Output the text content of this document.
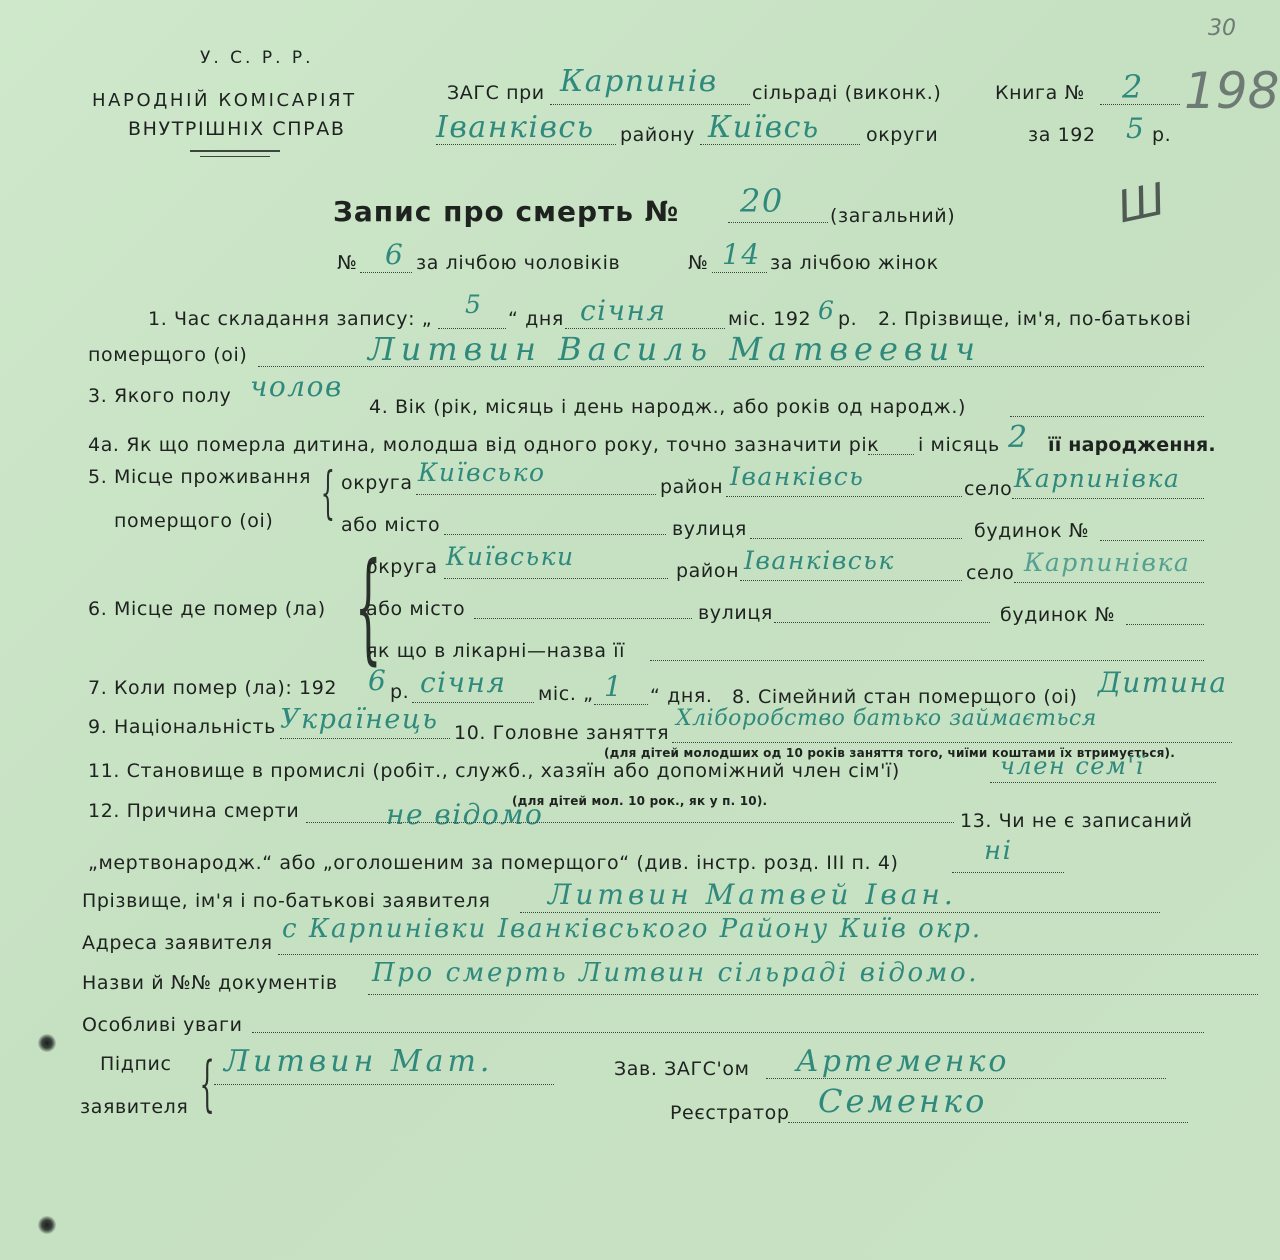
У. С. Р. Р.
НАРОДНІЙ КОМІСАРІЯТ
ВНУТРІШНІХ СПРАВ
ЗАГС при Карпинів сільраді (виконк.)
Іванківсь району Київсь округи
Книга № 2
за 192 5 р.
30
198
Ш
Запис про смерть № 20 (загальний)
№ 6 за лічбою чоловіків	№ 14 за лічбою жінок
1. Час складання запису: „ 5 “ дня січня	міс. 192 6 р. 2. Прізвище, ім'я, по-батькові
померщого (оі)	Литвин Василь Матвеевич
3. Якого полу чолов
4. Вік (рік, місяць і день народж., або років од народж.)
4а. Як що померла дитина, молодша від одного року, точно зазначити рік і місяць 2 її народження.
5. Місце проживання
померщого (оі) { округа Київсько	район Іванківсь	село Карпинівка
або місто	вулиця	будинок №
6. Місце де помер (ла) {
округа Київськи	район Іванківськ	село Карпинівка
або місто	вулиця	будинок №
як що в лікарні—назва її
7. Коли помер (ла): 192 6 р. січня міс. „ 1 “ дня. 8. Сімейний стан померщого (оі) Дитина
9. Національність Українець 10. Головне заняття
Хліборобство батько займається
(для дітей молодших од 10 років заняття того, чиїми коштами їх втримується).
11. Становище в промислі (робіт., служб., хазяїн або допоміжний член сім'ї)	член сем'ї
12. Причина смерти	не відомо
(для дітей мол. 10 рок., як у п. 10).
13. Чи не є записаний
„мертвонародж.“ або „оголошеним за померщого“ (див. інстр. розд. III п. 4)	ні
Прізвище, ім'я і по-батькові заявителя Литвин Матвей Іван.
Адреса заявителя с Карпинівки Іванківського Району Київ окр.
Назви й №№ документів Про смерть Литвин сільраді відомо.
Особливі уваги
Підпис
заявителя { Литвин Мат.	Зав. ЗАГС'ом Артеменко
Реєстратор Семенко
